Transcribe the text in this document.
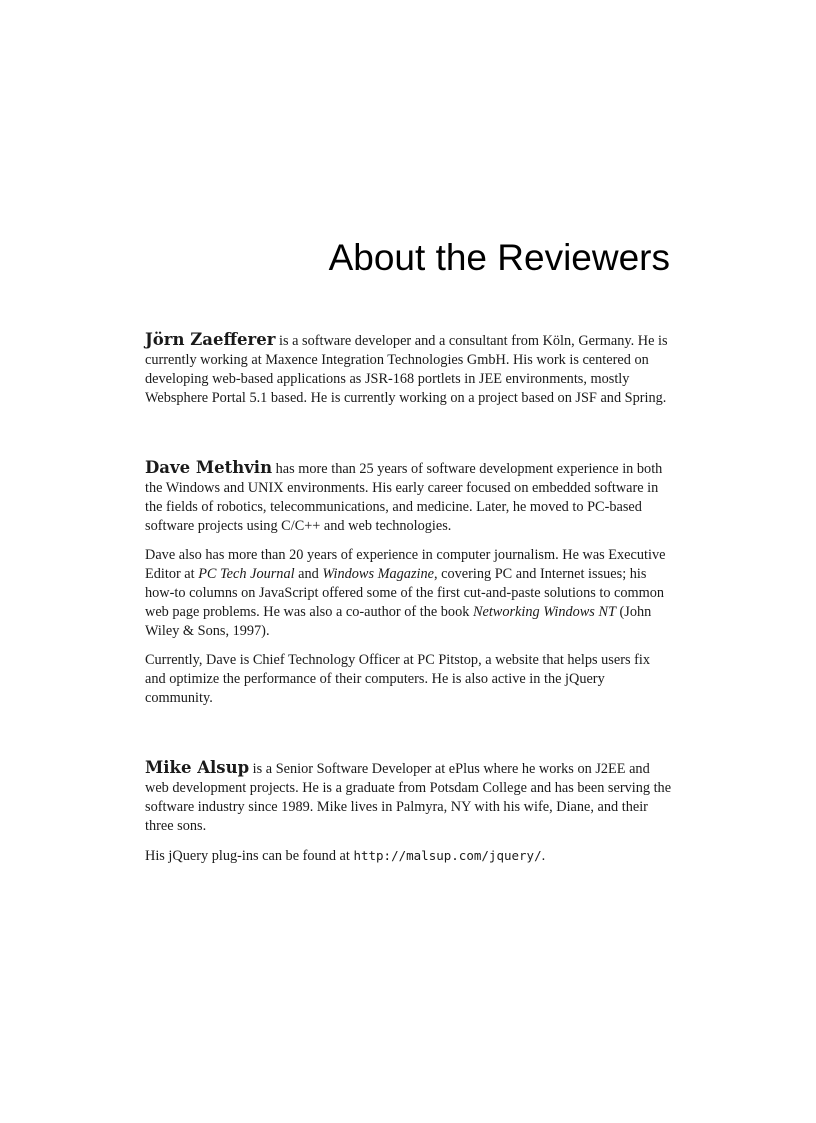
About the Reviewers

Jörn Zaefferer is a software developer and a consultant from Köln, Germany. He is currently working at Maxence Integration Technologies GmbH. His work is centered on developing web-based applications as JSR-168 portlets in JEE environments, mostly Websphere Portal 5.1 based. He is currently working on a project based on JSF and Spring.

Dave Methvin has more than 25 years of software development experience in both the Windows and UNIX environments. His early career focused on embedded software in the fields of robotics, telecommunications, and medicine. Later, he moved to PC-based software projects using C/C++ and web technologies.

Dave also has more than 20 years of experience in computer journalism. He was Executive Editor at PC Tech Journal and Windows Magazine, covering PC and Internet issues; his how-to columns on JavaScript offered some of the first cut-and-paste solutions to common web page problems. He was also a co-author of the book Networking Windows NT (John Wiley & Sons, 1997).

Currently, Dave is Chief Technology Officer at PC Pitstop, a website that helps users fix and optimize the performance of their computers. He is also active in the jQuery community.

Mike Alsup is a Senior Software Developer at ePlus where he works on J2EE and web development projects. He is a graduate from Potsdam College and has been serving the software industry since 1989. Mike lives in Palmyra, NY with his wife, Diane, and their three sons.

His jQuery plug-ins can be found at http://malsup.com/jquery/.
